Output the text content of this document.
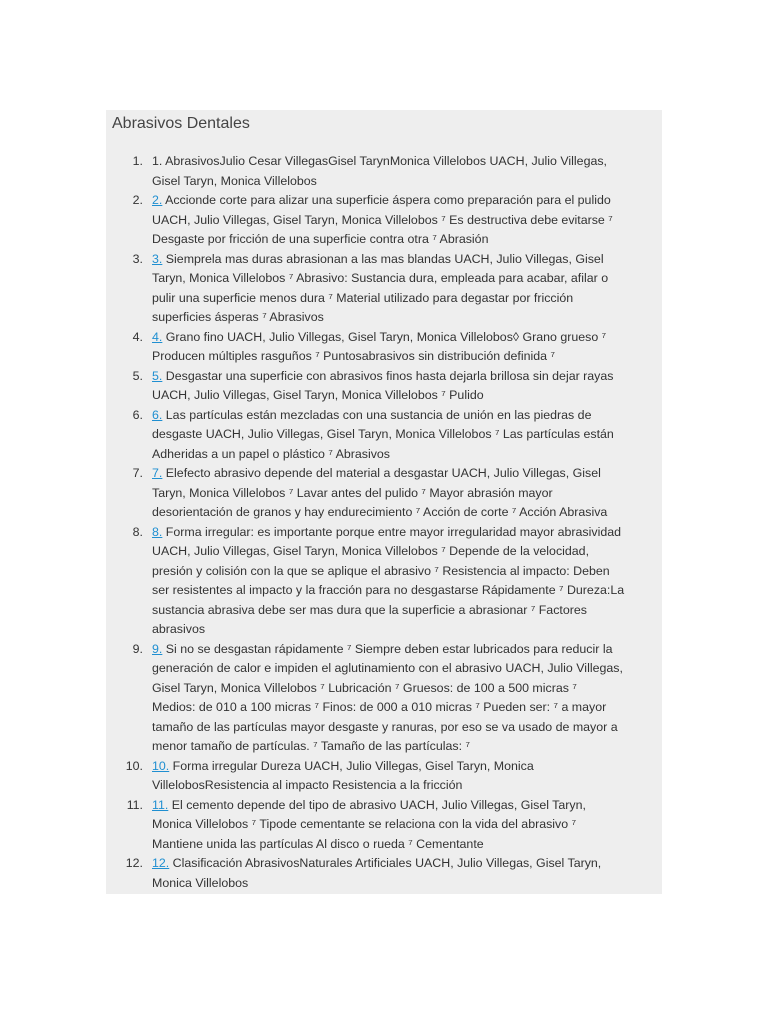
Abrasivos Dentales
1. 1. AbrasivosJulio Cesar VillegasGisel TarynMonica Villelobos UACH, Julio Villegas,
Gisel Taryn, Monica Villelobos
2. 2. Accionde corte para alizar una superficie áspera como preparación para el pulido
UACH, Julio Villegas, Gisel Taryn, Monica Villelobos ⁷ Es destructiva debe evitarse ⁷
Desgaste por fricción de una superficie contra otra ⁷ Abrasión
3. 3. Siemprela mas duras abrasionan a las mas blandas UACH, Julio Villegas, Gisel
Taryn, Monica Villelobos ⁷ Abrasivo: Sustancia dura, empleada para acabar, afilar o
pulir una superficie menos dura ⁷ Material utilizado para degastar por fricción
superficies ásperas ⁷ Abrasivos
4. 4. Grano fino UACH, Julio Villegas, Gisel Taryn, Monica Villelobos◊ Grano grueso ⁷
Producen múltiples rasguños ⁷ Puntosabrasivos sin distribución definida ⁷
5. 5. Desgastar una superficie con abrasivos finos hasta dejarla brillosa sin dejar rayas
UACH, Julio Villegas, Gisel Taryn, Monica Villelobos ⁷ Pulido
6. 6. Las partículas están mezcladas con una sustancia de unión en las piedras de
desgaste UACH, Julio Villegas, Gisel Taryn, Monica Villelobos ⁷ Las partículas están
Adheridas a un papel o plástico ⁷ Abrasivos
7. 7. Elefecto abrasivo depende del material a desgastar UACH, Julio Villegas, Gisel
Taryn, Monica Villelobos ⁷ Lavar antes del pulido ⁷ Mayor abrasión mayor
desorientación de granos y hay endurecimiento ⁷ Acción de corte ⁷ Acción Abrasiva
8. 8. Forma irregular: es importante porque entre mayor irregularidad mayor abrasividad
UACH, Julio Villegas, Gisel Taryn, Monica Villelobos ⁷ Depende de la velocidad,
presión y colisión con la que se aplique el abrasivo ⁷ Resistencia al impacto: Deben
ser resistentes al impacto y la fracción para no desgastarse Rápidamente ⁷ Dureza:La
sustancia abrasiva debe ser mas dura que la superficie a abrasionar ⁷ Factores
abrasivos
9. 9. Si no se desgastan rápidamente ⁷ Siempre deben estar lubricados para reducir la
generación de calor e impiden el aglutinamiento con el abrasivo UACH, Julio Villegas,
Gisel Taryn, Monica Villelobos ⁷ Lubricación ⁷ Gruesos: de 100 a 500 micras ⁷
Medios: de 010 a 100 micras ⁷ Finos: de 000 a 010 micras ⁷ Pueden ser: ⁷ a mayor
tamaño de las partículas mayor desgaste y ranuras, por eso se va usado de mayor a
menor tamaño de partículas. ⁷ Tamaño de las partículas: ⁷
10. 10. Forma irregular Dureza UACH, Julio Villegas, Gisel Taryn, Monica
VillelobosResistencia al impacto Resistencia a la fricción
11. 11. El cemento depende del tipo de abrasivo UACH, Julio Villegas, Gisel Taryn,
Monica Villelobos ⁷ Tipode cementante se relaciona con la vida del abrasivo ⁷
Mantiene unida las partículas Al disco o rueda ⁷ Cementante
12. 12. Clasificación AbrasivosNaturales Artificiales UACH, Julio Villegas, Gisel Taryn,
Monica Villelobos
